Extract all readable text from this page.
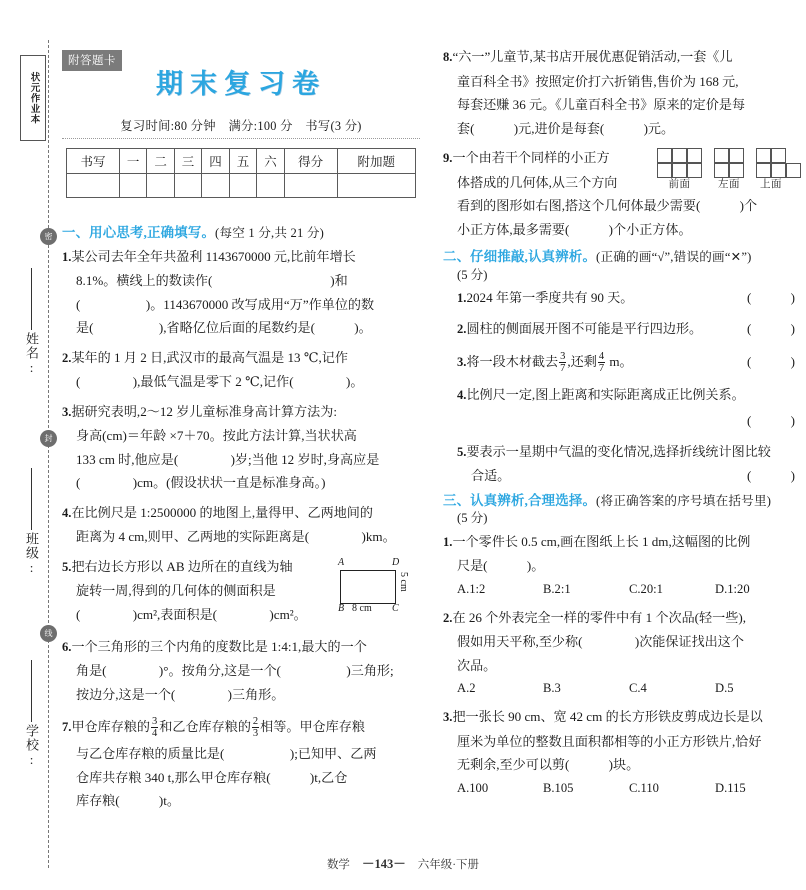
状元作业本
密
封
线
姓名:
班级:
学校:
附答题卡
期末复习卷
复习时间:80 分钟　满分:100 分　书写(3 分)
书写	一	二	三	四	五	六	得分	附加题

一、用心思考,正确填写。(每空 1 分,共 21 分)
1.某公司去年全年共盈利 1143670000 元,比前年增长
8.1%。横线上的数读作(　　　　　　　　　)和
(　　　　　)。1143670000 改写成用“万”作单位的数
是(　　　　　),省略亿位后面的尾数约是(　　　)。
2.某年的 1 月 2 日,武汉市的最高气温是 13 ℃,记作
(　　　　),最低气温是零下 2 ℃,记作(　　　　)。
3.据研究表明,2～12 岁儿童标准身高计算方法为:
身高(cm)＝年龄 ×7＋70。按此方法计算,当状状高
133 cm 时,他应是(　　　　)岁;当他 12 岁时,身高应是
(　　　　)cm。(假设状状一直是标准身高。)
4.在比例尺是 1:2500000 的地图上,量得甲、乙两地间的
距离为 4 cm,则甲、乙两地的实际距离是(　　　　)km。
5.把右边长方形以 AB 边所在的直线为轴
旋转一周,得到的几何体的侧面积是
(　　　　)cm²,表面积是(　　　　)cm²。
A	D
B	C
8 cm
5 cm
6.一个三角形的三个内角的度数比是 1:4:1,最大的一个
角是(　　　　)°。按角分,这是一个(　　　　　)三角形;
按边分,这是一个(　　　　)三角形。
7.甲仓库存粮的 $\frac{3}{4}$ 和乙仓库存粮的 $\frac{2}{3}$ 相等。甲仓库存粮
与乙仓库存粮的质量比是(　　　　　);已知甲、乙两
仓库共存粮 340 t,那么甲仓库存粮(　　　)t,乙仓
库存粮(　　　)t。
8.“六一”儿童节,某书店开展优惠促销活动,一套《儿
童百科全书》按照定价打六折销售,售价为 168 元,
每套还赚 36 元。《儿童百科全书》原来的定价是每
套(　　　)元,进价是每套(　　　)元。
9.一个由若干个同样的小正方
体搭成的几何体,从三个方向
看到的图形如右图,搭这个几何体最少需要(　　　)个
小正方体,最多需要(　　　)个小正方体。
前面	左面	上面
二、仔细推敲,认真辨析。(正确的画“√”,错误的画“✕”)
(5 分)
1.2024 年第一季度共有 90 天。	(　　　)
2.圆柱的侧面展开图不可能是平行四边形。	(　　　)
3.将一段木材截去 $\frac{3}{7}$ ,还剩 $\frac{4}{7}$ m。	(　　　)
4.比例尺一定,图上距离和实际距离成正比例关系。
(　　　)
5.要表示一星期中气温的变化情况,选择折线统计图比较
合适。	(　　　)
三、认真辨析,合理选择。(将正确答案的序号填在括号里)
(5 分)
1.一个零件长 0.5 cm,画在图纸上长 1 dm,这幅图的比例
尺是(　　　)。
A.1:2	B.2:1	C.20:1	D.1:20
2.在 26 个外表完全一样的零件中有 1 个次品(轻一些),
假如用天平称,至少称(　　　　)次能保证找出这个
次品。
A.2	B.3	C.4	D.5
3.把一张长 90 cm、宽 42 cm 的长方形铁皮剪成边长是以
厘米为单位的整数且面积都相等的小正方形铁片,恰好
无剩余,至少可以剪(　　　)块。
A.100	B.105	C.110	D.115
数学 －143－ 六年级·下册
